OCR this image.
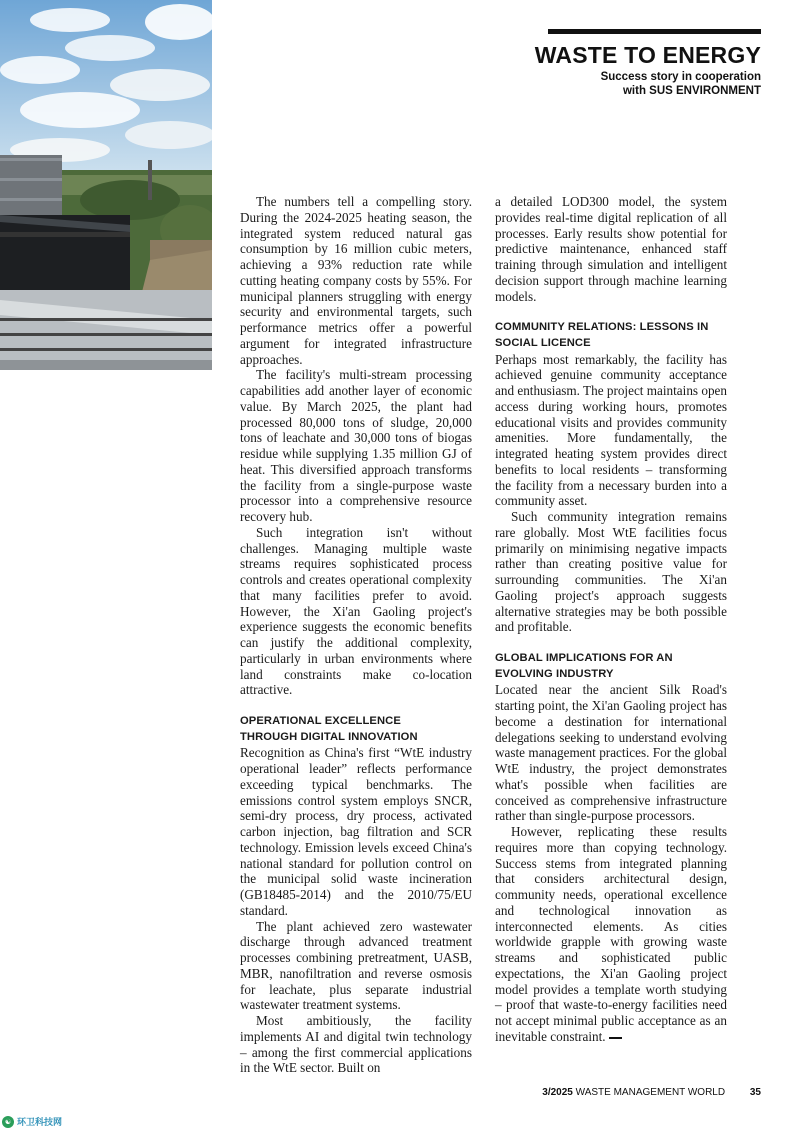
WASTE TO ENERGY
Success story in cooperation
with SUS ENVIRONMENT

The numbers tell a compelling story. During the 2024-2025 heating season, the integrated system reduced natural gas consumption by 16 million cubic meters, achieving a 93% reduction rate while cutting heating company costs by 55%. For municipal planners struggling with energy security and environmental targets, such performance metrics offer a powerful argument for integrated infrastructure approaches.

The facility's multi-stream processing capabilities add another layer of economic value. By March 2025, the plant had processed 80,000 tons of sludge, 20,000 tons of leachate and 30,000 tons of biogas residue while supplying 1.35 million GJ of heat. This diversified approach transforms the facility from a single-purpose waste processor into a comprehensive resource recovery hub.

Such integration isn't without challenges. Managing multiple waste streams requires sophisticated process controls and creates operational complexity that many facilities prefer to avoid. However, the Xi'an Gaoling project's experience suggests the economic benefits can justify the additional complexity, particularly in urban environments where land constraints make co-location attractive.

OPERATIONAL EXCELLENCE
THROUGH DIGITAL INNOVATION

Recognition as China's first “WtE industry operational leader” reflects performance exceeding typical benchmarks. The emissions control system employs SNCR, semi-dry process, dry process, activated carbon injection, bag filtration and SCR technology. Emission levels exceed China's national standard for pollution control on the municipal solid waste incineration (GB18485-2014) and the 2010/75/EU standard.

The plant achieved zero wastewater discharge through advanced treatment processes combining pretreatment, UASB, MBR, nanofiltration and reverse osmosis for leachate, plus separate industrial wastewater treatment systems.

Most ambitiously, the facility implements AI and digital twin technology – among the first commercial applications in the WtE sector. Built on

a detailed LOD300 model, the system provides real-time digital replication of all processes. Early results show potential for predictive maintenance, enhanced staff training through simulation and intelligent decision support through machine learning models.

COMMUNITY RELATIONS: LESSONS IN
SOCIAL LICENCE

Perhaps most remarkably, the facility has achieved genuine community acceptance and enthusiasm. The project maintains open access during working hours, promotes educational visits and provides community amenities. More fundamentally, the integrated heating system provides direct benefits to local residents – transforming the facility from a necessary burden into a community asset.

Such community integration remains rare globally. Most WtE facilities focus primarily on minimising negative impacts rather than creating positive value for surrounding communities. The Xi'an Gaoling project's approach suggests alternative strategies may be both possible and profitable.

GLOBAL IMPLICATIONS FOR AN
EVOLVING INDUSTRY

Located near the ancient Silk Road's starting point, the Xi'an Gaoling project has become a destination for international delegations seeking to understand evolving waste management practices. For the global WtE industry, the project demonstrates what's possible when facilities are conceived as comprehensive infrastructure rather than single-purpose processors.

However, replicating these results requires more than copying technology. Success stems from integrated planning that considers architectural design, community needs, operational excellence and technological innovation as interconnected elements. As cities worldwide grapple with growing waste streams and sophisticated public expectations, the Xi'an Gaoling project model provides a template worth studying – proof that waste-to-energy facilities need not accept minimal public acceptance as an inevitable constraint.

3/2025 WASTE MANAGEMENT WORLD 35
☯ 环卫科技网
